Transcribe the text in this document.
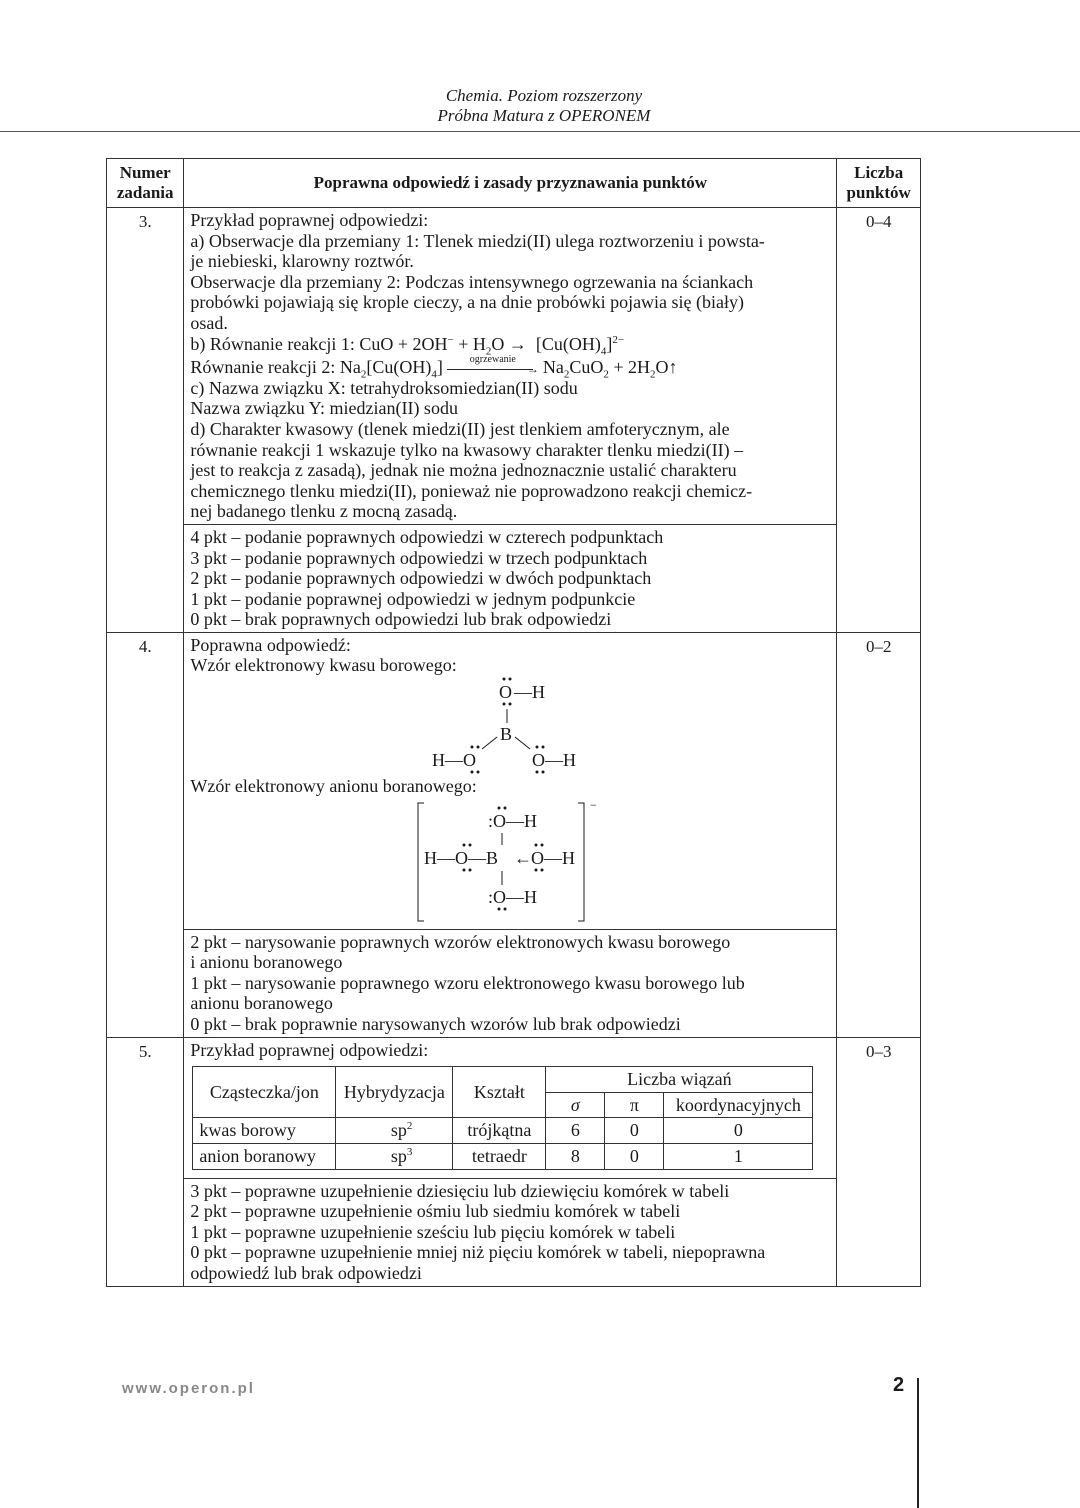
Chemia. Poziom rozszerzony
Próbna Matura z OPERONEM
Numer
zadania	Poprawna odpowiedź i zasady przyznawania punktów	Liczba
punktów
3.	Przykład poprawnej odpowiedzi:
a) Obserwacje dla przemiany 1: Tlenek miedzi(II) ulega roztworzeniu i powsta-
je niebieski, klarowny roztwór.
Obserwacje dla przemiany 2: Podczas intensywnego ogrzewania na ściankach
probówki pojawiają się krople cieczy, a na dnie probówki pojawia się (biały)
osad.
b) Równanie reakcji 1: CuO + $2OH^- + H_2O \to [Cu(OH)_4]^{2-}$
Równanie reakcji 2: $Na_2[Cu(OH)_4]$	ogrzewanie
→ $Na_2CuO_2$ + $2H_2O↑$
c) Nazwa związku X: tetrahydroksomiedzian(II) sodu
Nazwa związku Y: miedzian(II) sodu
d) Charakter kwasowy (tlenek miedzi(II) jest tlenkiem amfoterycznym, ale
równanie reakcji 1 wskazuje tylko na kwasowy charakter tlenku miedzi(II) –
jest to reakcja z zasadą), jednak nie można jednoznacznie ustalić charakteru
chemicznego tlenku miedzi(II), ponieważ nie poprowadzono reakcji chemicz-
nej badanego tlenku z mocną zasadą.
4 pkt – podanie poprawnych odpowiedzi w czterech podpunktach
3 pkt – podanie poprawnych odpowiedzi w trzech podpunktach
2 pkt – podanie poprawnych odpowiedzi w dwóch podpunktach
1 pkt – podanie poprawnej odpowiedzi w jednym podpunkcie
0 pkt – brak poprawnych odpowiedzi lub brak odpowiedzi
	0–4
4.	Poprawna odpowiedź:
Wzór elektronowy kwasu borowego:
O —H
B
H—O	O—H
Wzór elektronowy anionu boranowego:
−
:O—H
H—O—B ← O—H
:O—H
2 pkt – narysowanie poprawnych wzorów elektronowych kwasu borowego
i anionu boranowego
1 pkt – narysowanie poprawnego wzoru elektronowego kwasu borowego lub
anionu boranowego
0 pkt – brak poprawnie narysowanych wzorów lub brak odpowiedzi
	0–2
5.	Przykład poprawnej odpowiedzi:
Cząsteczka/jon	Hybrydyzacja	Kształt	Liczba wiązań
σ	π	koordynacyjnych
kwas borowy	$sp^2$	trójkątna	6	0	0
anion boranowy	$sp^3$	tetraedr	8	0	1
3 pkt – poprawne uzupełnienie dziesięciu lub dziewięciu komórek w tabeli
2 pkt – poprawne uzupełnienie ośmiu lub siedmiu komórek w tabeli
1 pkt – poprawne uzupełnienie sześciu lub pięciu komórek w tabeli
0 pkt – poprawne uzupełnienie mniej niż pięciu komórek w tabeli, niepoprawna
odpowiedź lub brak odpowiedzi
	0–3
www.operon.pl	2
